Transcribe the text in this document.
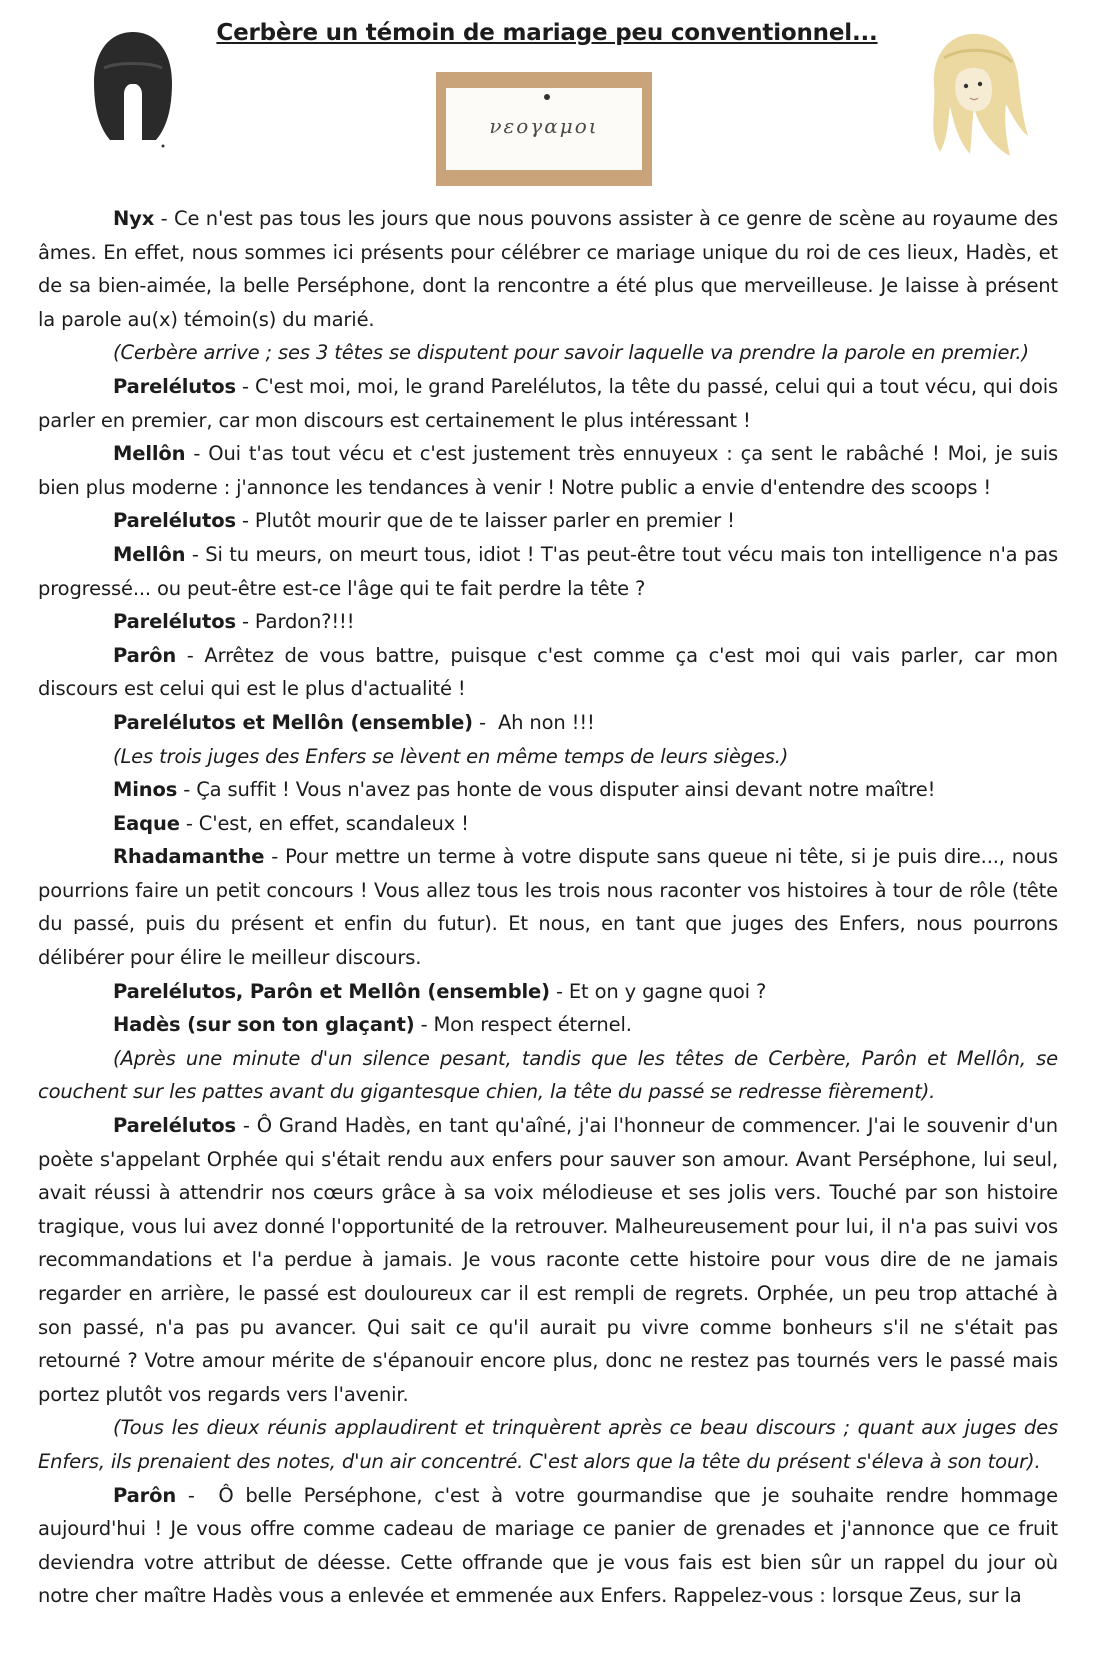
Cerbère un témoin de mariage peu conventionnel...
νεογαμοι

Nyx - Ce n'est pas tous les jours que nous pouvons assister à ce genre de scène au royaume des âmes. En effet, nous sommes ici présents pour célébrer ce mariage unique du roi de ces lieux, Hadès, et de sa bien-aimée, la belle Perséphone, dont la rencontre a été plus que merveilleuse. Je laisse à présent la parole au(x) témoin(s) du marié.

(Cerbère arrive ; ses 3 têtes se disputent pour savoir laquelle va prendre la parole en premier.)

Parelélutos - C'est moi, moi, le grand Parelélutos, la tête du passé, celui qui a tout vécu, qui dois parler en premier, car mon discours est certainement le plus intéressant !

Mellôn - Oui t'as tout vécu et c'est justement très ennuyeux : ça sent le rabâché ! Moi, je suis bien plus moderne : j'annonce les tendances à venir ! Notre public a envie d'entendre des scoops !

Parelélutos - Plutôt mourir que de te laisser parler en premier !

Mellôn - Si tu meurs, on meurt tous, idiot ! T'as peut-être tout vécu mais ton intelligence n'a pas progressé... ou peut-être est-ce l'âge qui te fait perdre la tête ?

Parelélutos - Pardon?!!!

Parôn - Arrêtez de vous battre, puisque c'est comme ça c'est moi qui vais parler, car mon discours est celui qui est le plus d'actualité !

Parelélutos et Mellôn (ensemble) -  Ah non !!!

(Les trois juges des Enfers se lèvent en même temps de leurs sièges.)

Minos - Ça suffit ! Vous n'avez pas honte de vous disputer ainsi devant notre maître!

Eaque - C'est, en effet, scandaleux !

Rhadamanthe - Pour mettre un terme à votre dispute sans queue ni tête, si je puis dire..., nous pourrions faire un petit concours ! Vous allez tous les trois nous raconter vos histoires à tour de rôle (tête du passé, puis du présent et enfin du futur). Et nous, en tant que juges des Enfers, nous pourrons délibérer pour élire le meilleur discours.

Parelélutos, Parôn et Mellôn (ensemble) - Et on y gagne quoi ?

Hadès (sur son ton glaçant) - Mon respect éternel.

(Après une minute d'un silence pesant, tandis que les têtes de Cerbère, Parôn et Mellôn, se couchent sur les pattes avant du gigantesque chien, la tête du passé se redresse fièrement).

Parelélutos - Ô Grand Hadès, en tant qu'aîné, j'ai l'honneur de commencer. J'ai le souvenir d'un poète s'appelant Orphée qui s'était rendu aux enfers pour sauver son amour. Avant Perséphone, lui seul, avait réussi à attendrir nos cœurs grâce à sa voix mélodieuse et ses jolis vers. Touché par son histoire tragique, vous lui avez donné l'opportunité de la retrouver. Malheureusement pour lui, il n'a pas suivi vos recommandations et l'a perdue à jamais. Je vous raconte cette histoire pour vous dire de ne jamais regarder en arrière, le passé est douloureux car il est rempli de regrets. Orphée, un peu trop attaché à son passé, n'a pas pu avancer. Qui sait ce qu'il aurait pu vivre comme bonheurs s'il ne s'était pas retourné ? Votre amour mérite de s'épanouir encore plus, donc ne restez pas tournés vers le passé mais portez plutôt vos regards vers l'avenir.

(Tous les dieux réunis applaudirent et trinquèrent après ce beau discours ; quant aux juges des Enfers, ils prenaient des notes, d'un air concentré. C'est alors que la tête du présent s'éleva à son tour).

Parôn -  Ô belle Perséphone, c'est à votre gourmandise que je souhaite rendre hommage aujourd'hui ! Je vous offre comme cadeau de mariage ce panier de grenades et j'annonce que ce fruit deviendra votre attribut de déesse. Cette offrande que je vous fais est bien sûr un rappel du jour où notre cher maître Hadès vous a enlevée et emmenée aux Enfers. Rappelez-vous : lorsque Zeus, sur la
